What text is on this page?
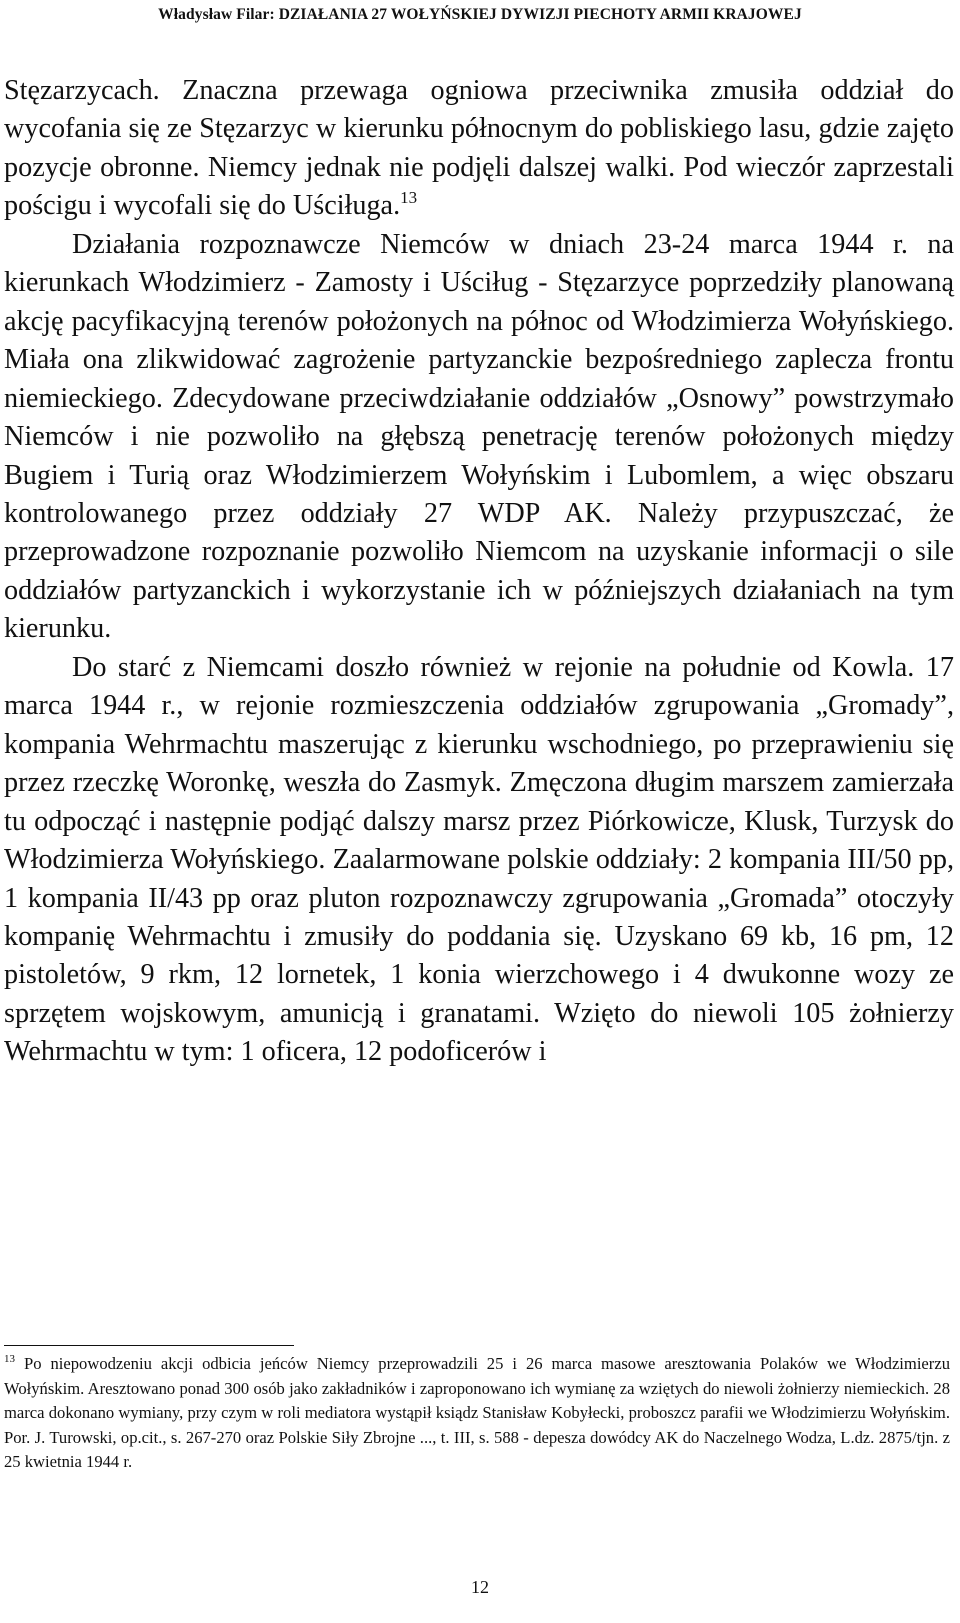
Władysław Filar: DZIAŁANIA 27 WOŁYŃSKIEJ DYWIZJI PIECHOTY ARMII KRAJOWEJ

Stęzarzycach. Znaczna przewaga ogniowa przeciwnika zmusiła oddział do wycofania się ze Stęzarzyc w kierunku północnym do pobliskiego lasu, gdzie zajęto pozycje obronne. Niemcy jednak nie podjęli dalszej walki. Pod wieczór zaprzestali pościgu i wycofali się do Uściługa.$^{13}$

Działania rozpoznawcze Niemców w dniach 23-24 marca 1944 r. na kierunkach Włodzimierz - Zamosty i Uściług - Stęzarzyce poprzedziły planowaną akcję pacyfikacyjną terenów położonych na północ od Włodzimierza Wołyńskiego. Miała ona zlikwidować zagrożenie partyzanckie bezpośredniego zaplecza frontu niemieckiego. Zdecydowane przeciwdziałanie oddziałów „Osnowy” powstrzymało Niemców i nie pozwoliło na głębszą penetrację terenów położonych między Bugiem i Turią oraz Włodzimierzem Wołyńskim i Lubomlem, a więc obszaru kontrolowanego przez oddziały 27 WDP AK. Należy przypuszczać, że przeprowadzone rozpoznanie pozwoliło Niemcom na uzyskanie informacji o sile oddziałów partyzanckich i wykorzystanie ich w późniejszych działaniach na tym kierunku.

Do starć z Niemcami doszło również w rejonie na południe od Kowla. 17 marca 1944 r., w rejonie rozmieszczenia oddziałów zgrupowania „Gromady”, kompania Wehrmachtu maszerując z kierunku wschodniego, po przeprawieniu się przez rzeczkę Woronkę, weszła do Zasmyk. Zmęczona długim marszem zamierzała tu odpocząć i następnie podjąć dalszy marsz przez Piórkowicze, Klusk, Turzysk do Włodzimierza Wołyńskiego. Zaalarmowane polskie oddziały: 2 kompania III/50 pp, 1 kompania II/43 pp oraz pluton rozpoznawczy zgrupowania „Gromada” otoczyły kompanię Wehrmachtu i zmusiły do poddania się. Uzyskano 69 kb, 16 pm, 12 pistoletów, 9 rkm, 12 lornetek, 1 konia wierzchowego i 4 dwukonne wozy ze sprzętem wojskowym, amunicją i granatami. Wzięto do niewoli 105 żołnierzy Wehrmachtu w tym: 1 oficera, 12 podoficerów i

$^{13}$ Po niepowodzeniu akcji odbicia jeńców Niemcy przeprowadzili 25 i 26 marca masowe aresztowania Polaków we Włodzimierzu Wołyńskim. Aresztowano ponad 300 osób jako zakładników i zaproponowano ich wymianę za wziętych do niewoli żołnierzy niemieckich. 28 marca dokonano wymiany, przy czym w roli mediatora wystąpił ksiądz Stanisław Kobyłecki, proboszcz parafii we Włodzimierzu Wołyńskim. Por. J. Turowski, op.cit., s. 267-270 oraz Polskie Siły Zbrojne ..., t. III, s. 588 - depesza dowódcy AK do Naczelnego Wodza, L.dz. 2875/tjn. z 25 kwietnia 1944 r.
12
